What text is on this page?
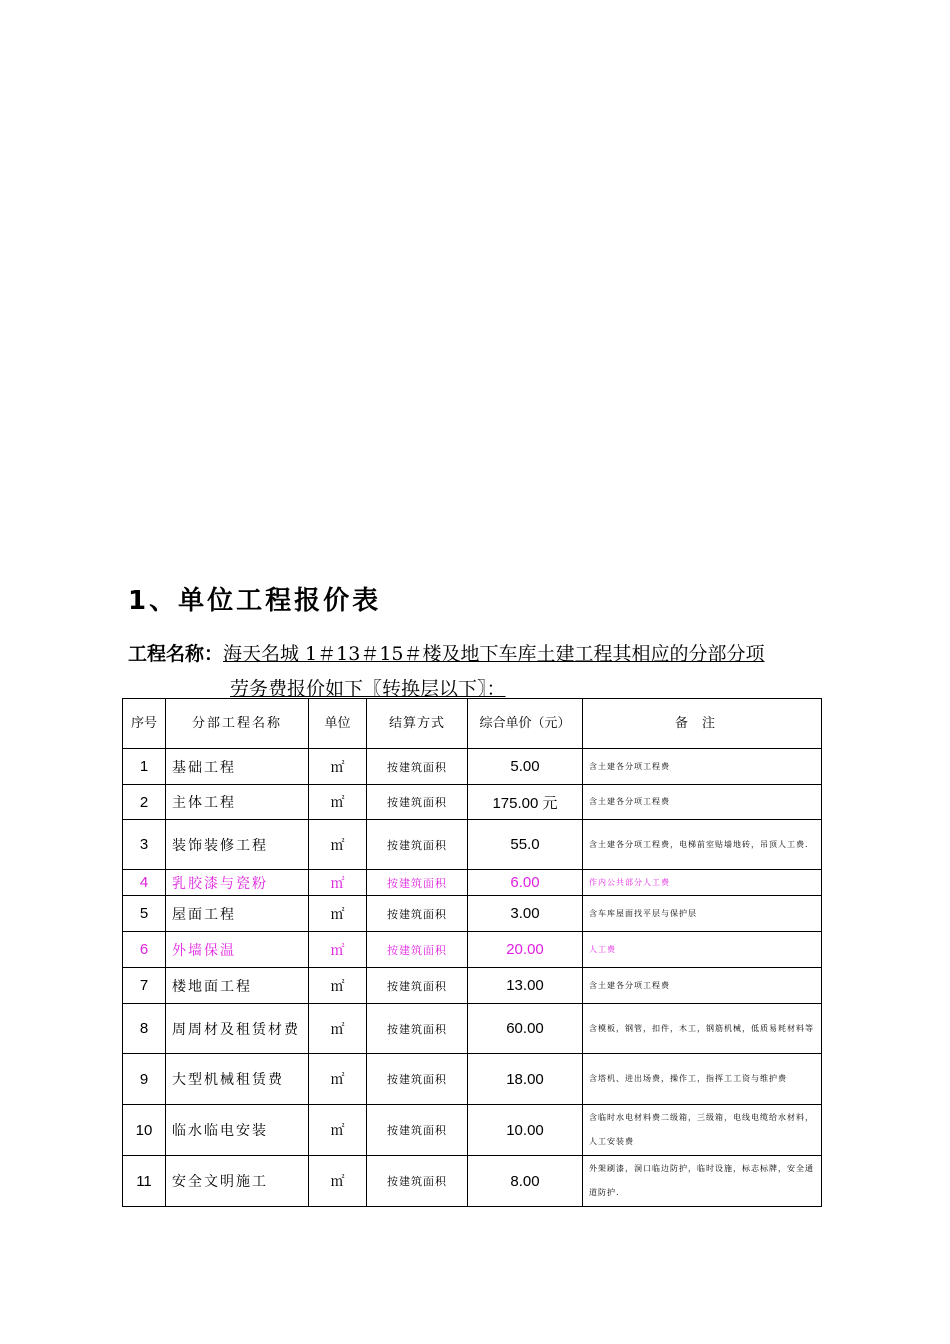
1、单位工程报价表
工程名称：海天名城 1＃13＃15＃楼及地下车库土建工程其相应的分部分项
劳务费报价如下〖转换层以下〗：
序号	分部工程名称	单位	结算方式	综合单价（元）	备注
1	基础工程	㎡	按建筑面积	5.00	含土建各分项工程费
2	主体工程	㎡	按建筑面积	175.00 元	含土建各分项工程费
3	装饰装修工程	㎡	按建筑面积	55.0	含土建各分项工程费，电梯前室贴墙地砖，吊顶人工费.
4	乳胶漆与瓷粉	㎡	按建筑面积	6.00	作内公共部分人工费
5	屋面工程	㎡	按建筑面积	3.00	含车库屋面找平层与保护层
6	外墙保温	㎡	按建筑面积	20.00	人工费
7	楼地面工程	㎡	按建筑面积	13.00	含土建各分项工程费
8	周周材及租赁材费	㎡	按建筑面积	60.00	含模板，钢管，扣件，木工，钢筋机械，低质易耗材料等
9	大型机械租赁费	㎡	按建筑面积	18.00	含塔机、进出场费，操作工，指挥工工资与维护费
10	临水临电安装	㎡	按建筑面积	10.00	含临时水电材料费二级箱，三级箱，电线电缆给水材料，人工安装费
11	安全文明施工	㎡	按建筑面积	8.00	外架刷漆，洞口临边防护，临时设施，标志标牌，安全通道防护.
